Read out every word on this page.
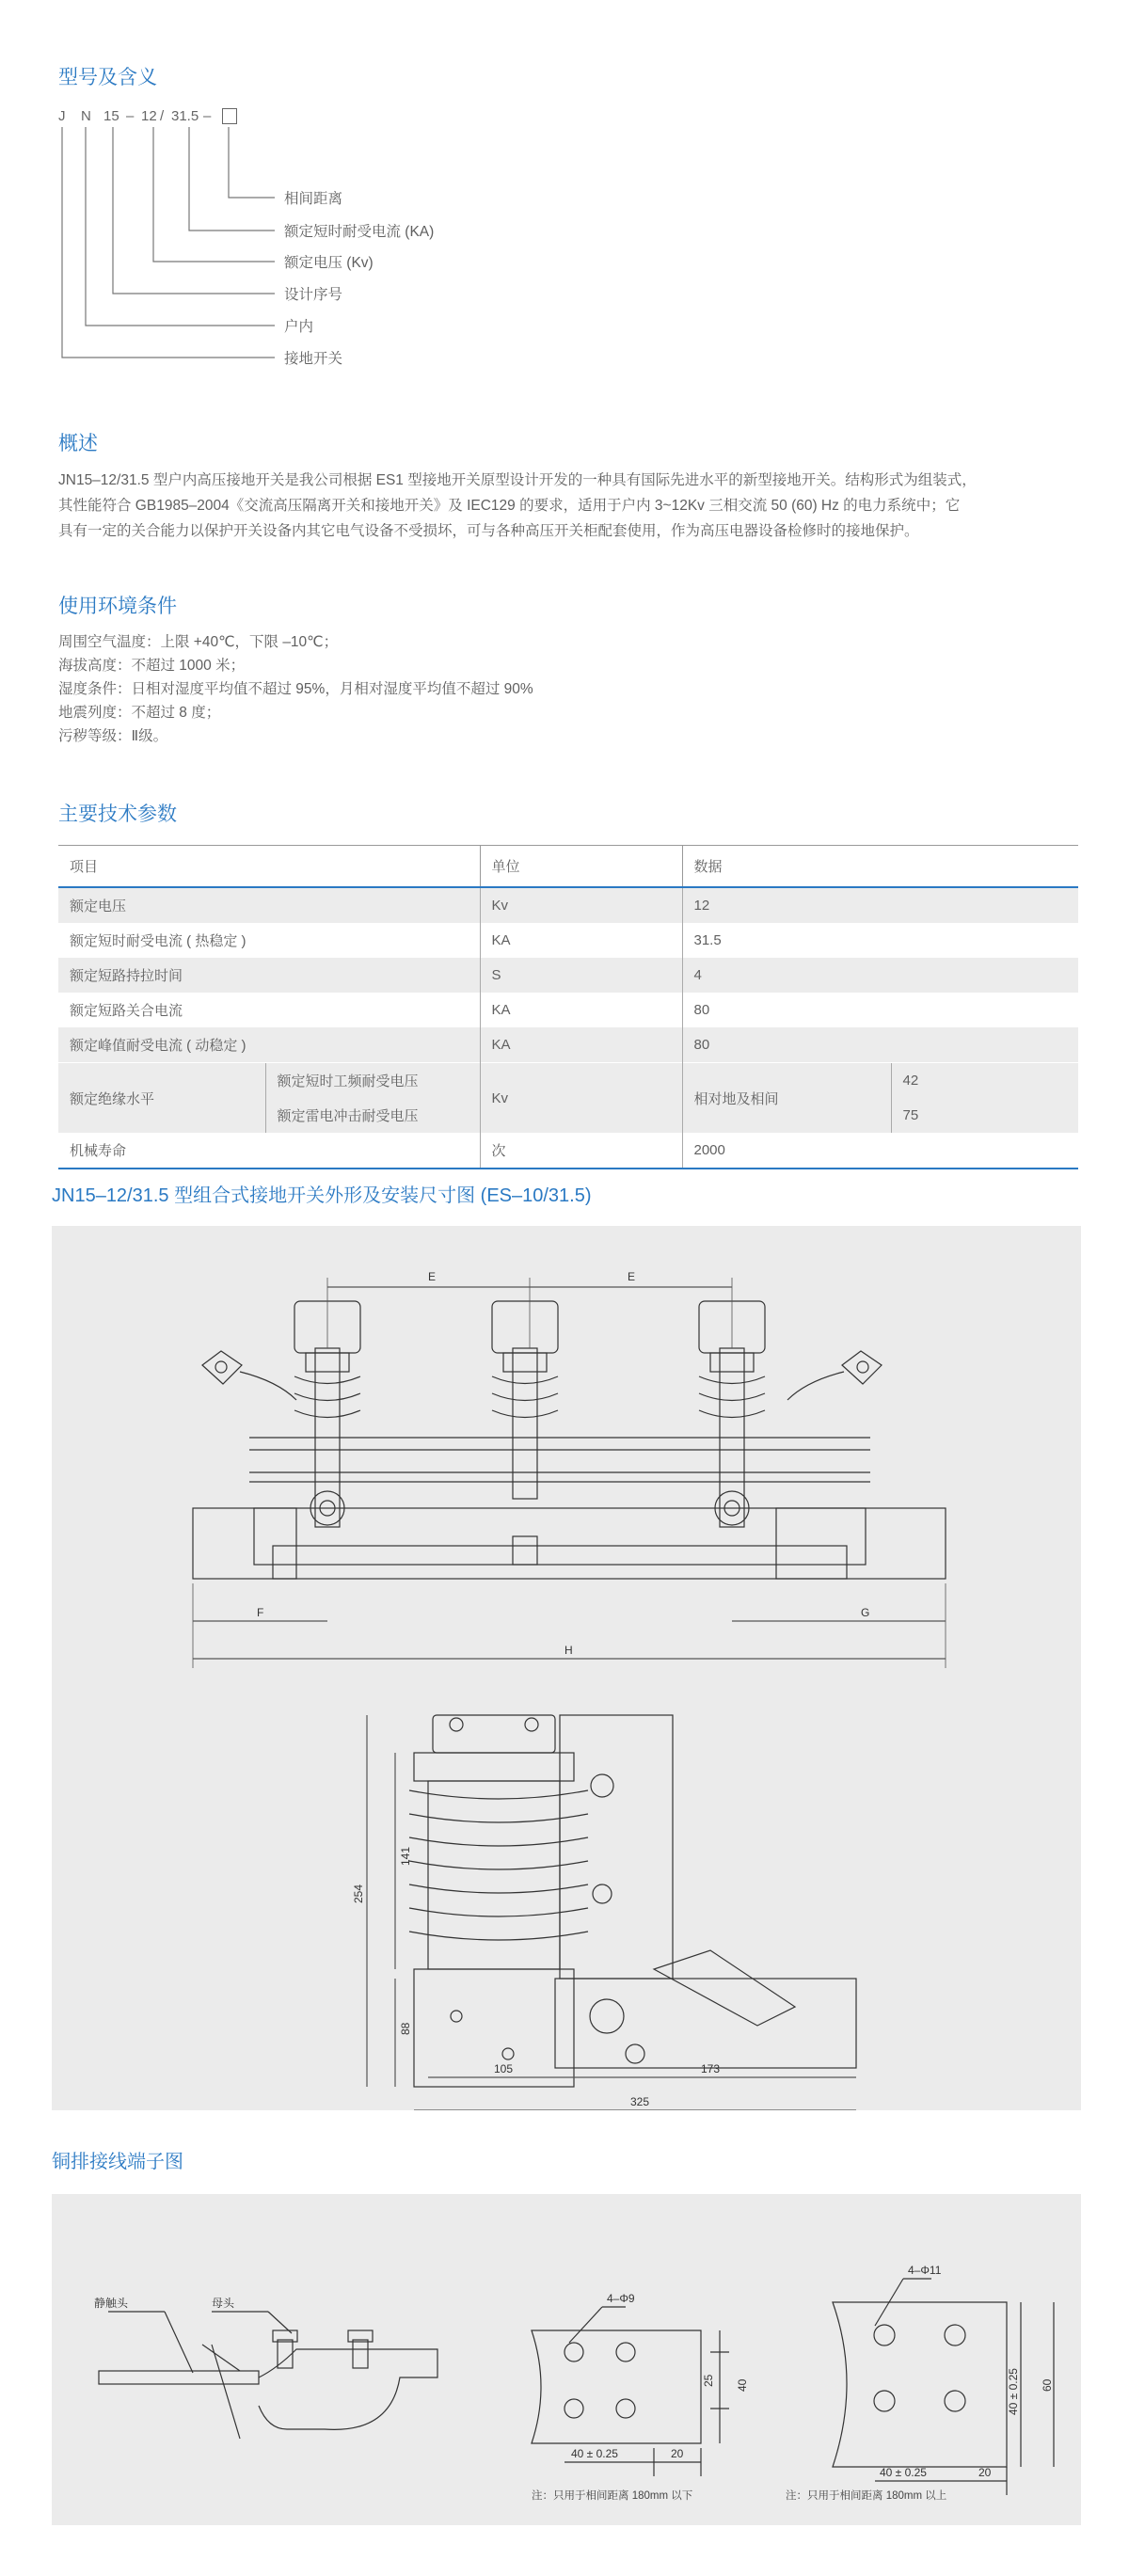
型号及含义
J N 15 – 12 / 31.5 –
相间距离
额定短时耐受电流 (KA)
额定电压 (Kv)
设计序号
户内
接地开关
概述
JN15–12/31.5 型户内高压接地开关是我公司根据 ES1 型接地开关原型设计开发的一种具有国际先进水平的新型接地开关。结构形式为组装式，
其性能符合 GB1985–2004《交流高压隔离开关和接地开关》及 IEC129 的要求，适用于户内 3~12Kv 三相交流 50 (60) Hz 的电力系统中；它
具有一定的关合能力以保护开关设备内其它电气设备不受损坏，可与各种高压开关柜配套使用，作为高压电器设备检修时的接地保护。
使用环境条件
周围空气温度：上限 +40℃，下限 –10℃；
海拔高度：不超过 1000 米；
湿度条件：日相对湿度平均值不超过 95%，月相对湿度平均值不超过 90%
地震列度：不超过 8 度；
污秽等级：Ⅱ级。
主要技术参数
项目		单位	数据	
额定电压		Kv	12	
额定短时耐受电流 ( 热稳定 )		KA	31.5	
额定短路持拉时间		S	4	
额定短路关合电流		KA	80	
额定峰值耐受电流 ( 动稳定 )		KA	80	
额定绝缘水平	额定短时工频耐受电压	Kv	相对地及相间	42
	额定雷电冲击耐受电压			75
机械寿命		次	2000	
JN15–12/31.5 型组合式接地开关外形及安装尺寸图 (ES–10/31.5)
E	E
F	G
H
141
254
88
105	173
325
铜排接线端子图
静触头	母头	4–Φ9
40 ± 0.25	20
25 40
4–Φ11
40 ± 0.25	20
40 ± 0.25 60
注：只用于相间距离 180mm 以下	注：只用于相间距离 180mm 以上
